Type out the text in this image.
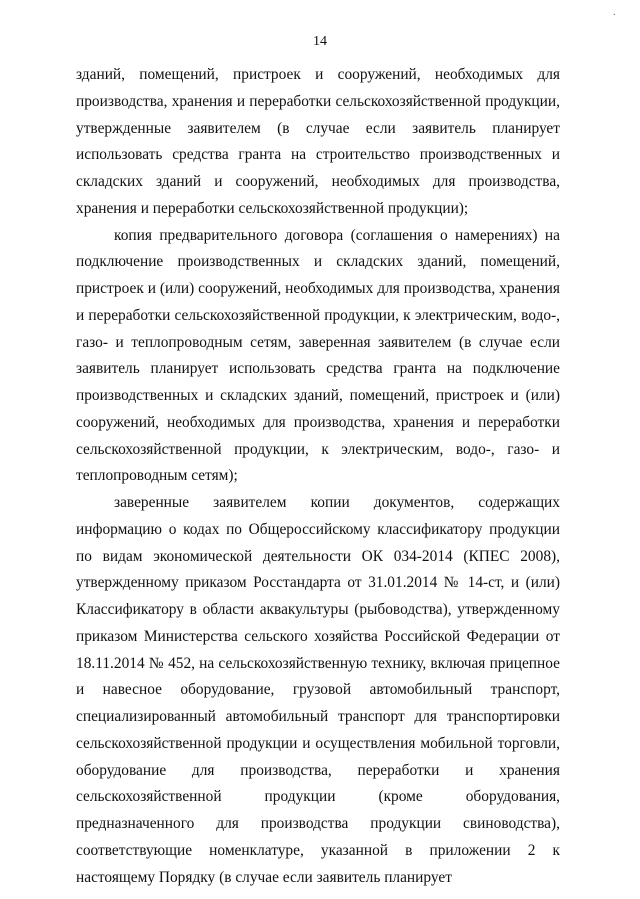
·
14

зданий, помещений, пристроек и сооружений, необходимых для производства, хранения и переработки сельскохозяйственной продукции, утвержденные заявителем (в случае если заявитель планирует использовать средства гранта на строительство производственных и складских зданий и сооружений, необходимых для производства, хранения и переработки сельскохозяйственной продукции);

копия предварительного договора (соглашения о намерениях) на подключение производственных и складских зданий, помещений, пристроек и (или) сооружений, необходимых для производства, хранения и переработки сельскохозяйственной продукции, к электрическим, водо-, газо- и теплопроводным сетям, заверенная заявителем (в случае если заявитель планирует использовать средства гранта на подключение производственных и складских зданий, помещений, пристроек и (или) сооружений, необходимых для производства, хранения и переработки сельскохозяйственной продукции, к электрическим, водо-, газо- и теплопроводным сетям);

заверенные заявителем копии документов, содержащих информацию о кодах по Общероссийскому классификатору продукции по видам экономической деятельности ОК 034-2014 (КПЕС 2008), утвержденному приказом Росстандарта от 31.01.2014 № 14-ст, и (или) Классификатору в области аквакультуры (рыбоводства), утвержденному приказом Министерства сельского хозяйства Российской Федерации от 18.11.2014 № 452, на сельскохозяйственную технику, включая прицепное и навесное оборудование, грузовой автомобильный транспорт, специализированный автомобильный транспорт для транспортировки сельскохозяйственной продукции и осуществления мобильной торговли, оборудование для производства, переработки и хранения сельскохозяйственной продукции (кроме оборудования, предназначенного для производства продукции свиноводства), соответствующие номенклатуре, указанной в приложении 2 к настоящему Порядку (в случае если заявитель планирует
